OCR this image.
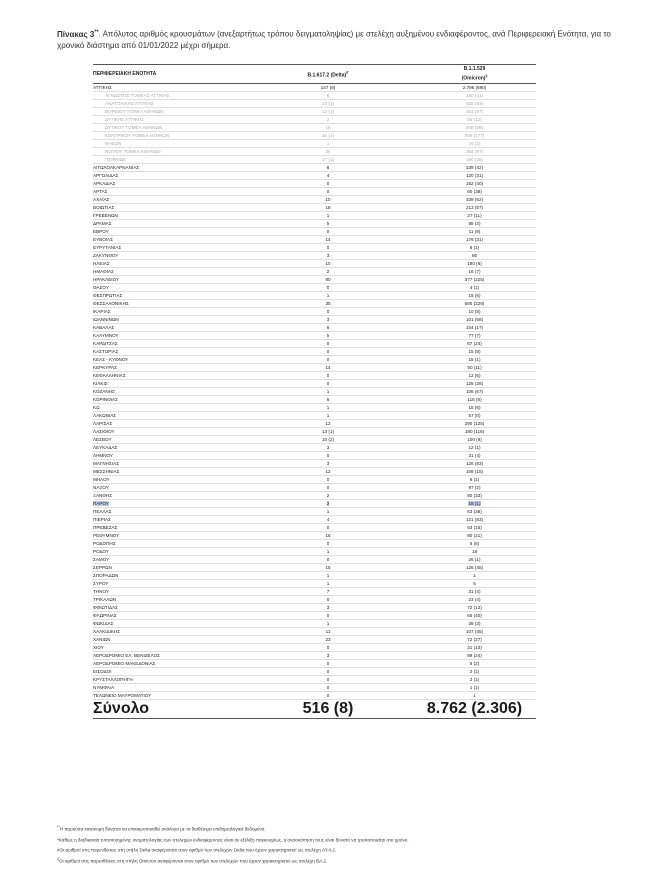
Πίνακας 3**. Απόλυτος αριθμός κρουσμάτων (ανεξαρτήτως τρόπου δειγματοληψίας) με στελέχη αυξημένου ενδιαφέροντος, ανά Περιφερειακή Ενότητα, για το χρονικό διάστημα από 01/01/2022 μέχρι σήμερα.
ΠΕΡΙΦΕΡΕΙΑΚΗ ΕΝΟΤΗΤΑ	B.1.617.2 (Delta)#	B.1.1.529
(Omicron)§
ΑΤΤΙΚΗΣ	147 (6)	2.796 (890)
ΑΓΝΩΣΤΟΣ ΤΟΜΕΑΣ ΑΤΤΙΚΗΣ	6	160 (41)
ΑΝΑΤΟΛΙΚΗΣ ΑΤΤΙΚΗΣ	23 (3)	455 (93)
ΒΟΡΕΙΟΥ ΤΟΜΕΑ ΑΘΗΝΩΝ	12 (1)	401 (97)
ΔΥΤΙΚΗΣ ΑΤΤΙΚΗΣ	2	56 (12)
ΔΥΤΙΚΟΥ ΤΟΜΕΑ ΑΘΗΝΩΝ	16	206 (56)
ΚΕΝΤΡΙΚΟΥ ΤΟΜΕΑ ΑΘΗΝΩΝ	46 (1)	948 (177)
ΝΗΣΩΝ	1	26 (2)
ΝΟΤΙΟΥ ΤΟΜΕΑ ΑΘΗΝΩΝ	24	354 (87)
ΠΕΙΡΑΙΩΣ	17 (1)	180 (35)
ΑΙΤΩΛΟΑΚΑΡΝΑΝΙΑΣ	8	239 (42)
ΑΡΓΟΛΙΔΑΣ	4	120 (31)
ΑΡΚΑΔΙΑΣ	0	152 (40)
ΑΡΤΑΣ	0	60 (38)
ΑΧΑΪΑΣ	10	339 (62)
ΒΟΙΩΤΙΑΣ	18	213 (57)
ΓΡΕΒΕΝΩΝ	1	27 (11)
ΔΡΑΜΑΣ	5	88 (3)
ΕΒΡΟΥ	0	11 (9)
ΕΥΒΟΙΑΣ	14	176 (31)
ΕΥΡΥΤΑΝΙΑΣ	0	8 (1)
ΖΑΚΥΝΘΟΥ	3	86
ΗΛΕΙΑΣ	10	180 (6)
ΗΜΑΘΙΑΣ	2	16 (7)
ΗΡΑΚΛΕΙΟΥ	80	377 (225)
ΘΑΣΟΥ	0	4 (1)
ΘΕΣΠΡΩΤΙΑΣ	1	15 (6)
ΘΕΣΣΑΛΟΝΙΚΗΣ	35	680 (229)
ΙΚΑΡΙΑΣ	0	10 (8)
ΙΩΑΝΝΙΝΩΝ	3	101 (58)
ΚΑΒΑΛΑΣ	6	104 (17)
ΚΑΛΥΜΝΟΥ	5	77 (7)
ΚΑΡΔΙΤΣΑΣ	0	57 (24)
ΚΑΣΤΟΡΙΑΣ	0	15 (8)
ΚΕΑΣ - ΚΥΘΝΟΥ	0	15 (1)
ΚΕΡΚΥΡΑΣ	14	50 (11)
ΚΕΦΑΛΛΗΝΙΑΣ	0	12 (6)
ΚΙΛΚΙΣ	0	125 (28)
ΚΟΖΑΝΗΣ	1	106 (67)
ΚΟΡΙΝΘΙΑΣ	6	116 (8)
ΚΩ	1	15 (6)
ΛΑΚΩΝΙΑΣ	1	57 (0)
ΛΑΡΙΣΑΣ	12	290 (125)
ΛΑΣΙΘΙΟΥ	13 (1)	180 (116)
ΛΕΣΒΟΥ	10 (2)	100 (8)
ΛΕΥΚΑΔΑΣ	3	12 (1)
ΛΗΜΝΟΥ	0	31 (4)
ΜΑΓΝΗΣΙΑΣ	3	126 (83)
ΜΕΣΣΗΝΙΑΣ	12	108 (15)
ΜΗΛΟΥ	0	6 (1)
ΝΑΞΟΥ	0	97 (2)
ΞΑΝΘΗΣ	2	80 (33)
ΠΑΡΟΥ	2	18 (1)
ΠΕΛΛΑΣ	1	63 (36)
ΠΙΕΡΙΑΣ	4	121 (83)
ΠΡΕΒΕΖΑΣ	0	53 (15)
ΡΕΘΥΜΝΟΥ	16	80 (21)
ΡΟΔΟΠΗΣ	0	6 (6)
ΡΟΔΟΥ	1	18
ΣΑΜΟΥ	0	26 (1)
ΣΕΡΡΩΝ	15	126 (45)
ΣΠΟΡΑΔΩΝ	1	1
ΣΥΡΟΥ	1	5
ΤΗΝΟΥ	7	31 (4)
ΤΡΙΚΑΛΩΝ	0	23 (4)
ΦΘΙΩΤΙΔΑΣ	3	72 (12)
ΦΛΩΡΙΝΑΣ	0	65 (40)
ΦΩΚΙΔΑΣ	1	38 (3)
ΧΑΛΚΙΔΙΚΗΣ	11	107 (45)
ΧΑΝΙΩΝ	23	72 (27)
ΧΙΟΥ	0	21 (13)
ΑΕΡΟΔΡΟΜΙΟ ΕΛ. ΒΕΝΙΖΕΛΟΣ	3	99 (24)
ΑΕΡΟΔΡΟΜΙΟ ΜΑΚΕΔΟΝΙΑΣ	0	6 (2)
ΕΙΣΟΔΟΙ	0	2 (1)
ΚΡΥΣΤΑΛΛΟΠΗΓΗ	0	2 (1)
ΝΥΜΦΑΙΑ	0	1 (1)
ΤΕΛΩΝΕΙΟ ΜΑΥΡΟΜΑΤΙΟΥ	0	1
Σύνολο	516 (8)	8.762 (2.306)
**Η παρούσα κατανομή δύναται να επικαιροποιηθεί ανάλογα με τα διαθέσιμα επιδημιολογικά δεδομένα.
*Καθώς η διαδικασία τυποποιημένης ονοματολογίας των στελεχών ενδιαφέροντος είναι σε εξέλιξη παγκοσμίως, η ανασκόπηση τους είναι δυνατό να τροποποιείται στο χρόνο.
#Οι αριθμοί στις παρενθέσεις στη στήλη Delta αναφέρονται στον αριθμό των στελεχών Delta που έχουν χαρακτηριστεί ως στελέχη AY.4.2.
§Οι αριθμοί στις παρενθέσεις στη στήλη Omicron αναφέρονται στον αριθμό των στελεχών που έχουν χαρακτηριστεί ως στελέχη BA.2.
